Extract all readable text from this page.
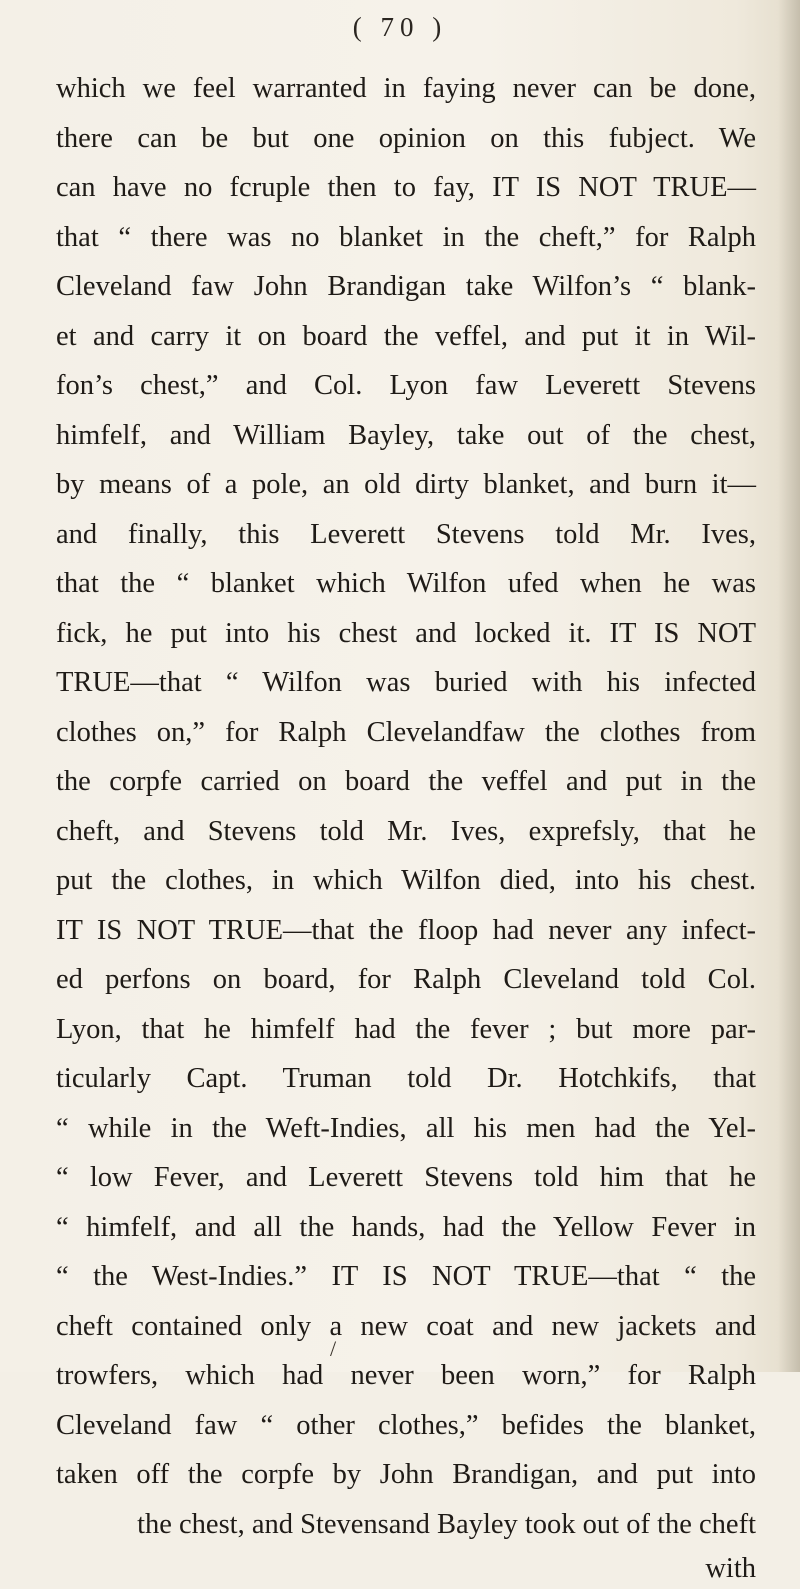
( 70 )
which we feel warranted in faying never can be done,
there can be but one opinion on this fubject. We
can have no fcruple then to fay, IT IS NOT TRUE—
that “ there was no blanket in the cheft,” for Ralph
Cleveland faw John Brandigan take Wilfon’s “ blank-
et and carry it on board the veffel, and put it in Wil-
fon’s chest,” and Col. Lyon faw Leverett Stevens
himfelf, and William Bayley, take out of the chest,
by means of a pole, an old dirty blanket, and burn it—
and finally, this Leverett Stevens told Mr. Ives,
that the “ blanket which Wilfon ufed when he was
fick, he put into his chest and locked it. IT IS NOT
TRUE—that “ Wilfon was buried with his infected
clothes on,” for Ralph Clevelandfaw the clothes from
the corpfe carried on board the veffel and put in the
cheft, and Stevens told Mr. Ives, exprefsly, that he
put the clothes, in which Wilfon died, into his chest.
IT IS NOT TRUE—that the floop had never any infect-
ed perfons on board, for Ralph Cleveland told Col.
Lyon, that he himfelf had the fever ; but more par-
ticularly Capt. Truman told Dr. Hotchkifs, that
“ while in the Weft-Indies, all his men had the Yel-
“ low Fever, and Leverett Stevens told him that he
“ himfelf, and all the hands, had the Yellow Fever in
“ the West-Indies.” IT IS NOT TRUE—that “ the
cheft contained only a new coat and new jackets and
trowfers, which had never been worn,” for Ralph
Cleveland faw “ other clothes,” befides the blanket,
taken off the corpfe by John Brandigan, and put into
the chest, and Stevensand Bayley took out of the cheft
with
/
